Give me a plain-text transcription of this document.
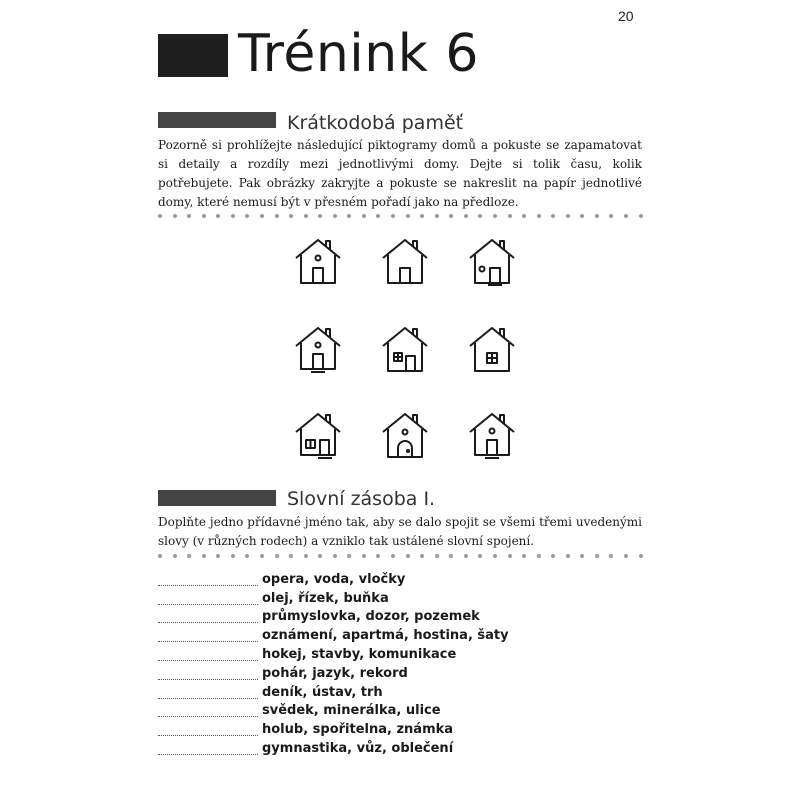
20
Trénink 6
Krátkodobá paměť
Pozorně si prohlížejte následující piktogramy domů a pokuste se zapamatovat si detaily a rozdíly mezi jednotlivými domy. Dejte si tolik času, kolik potřebujete. Pak obrázky zakryjte a pokuste se nakreslit na papír jednotlivé domy, které nemusí být v přesném pořadí jako na předloze.
Slovní zásoba I.
Doplňte jedno přídavné jméno tak, aby se dalo spojit se všemi třemi uvedenými slovy (v různých rodech) a vzniklo tak ustálené slovní spojení.
opera, voda, vločky
olej, řízek, buňka
průmyslovka, dozor, pozemek
oznámení, apartmá, hostina, šaty
hokej, stavby, komunikace
pohár, jazyk, rekord
deník, ústav, trh
svědek, minerálka, ulice
holub, spořitelna, známka
gymnastika, vůz, oblečení
